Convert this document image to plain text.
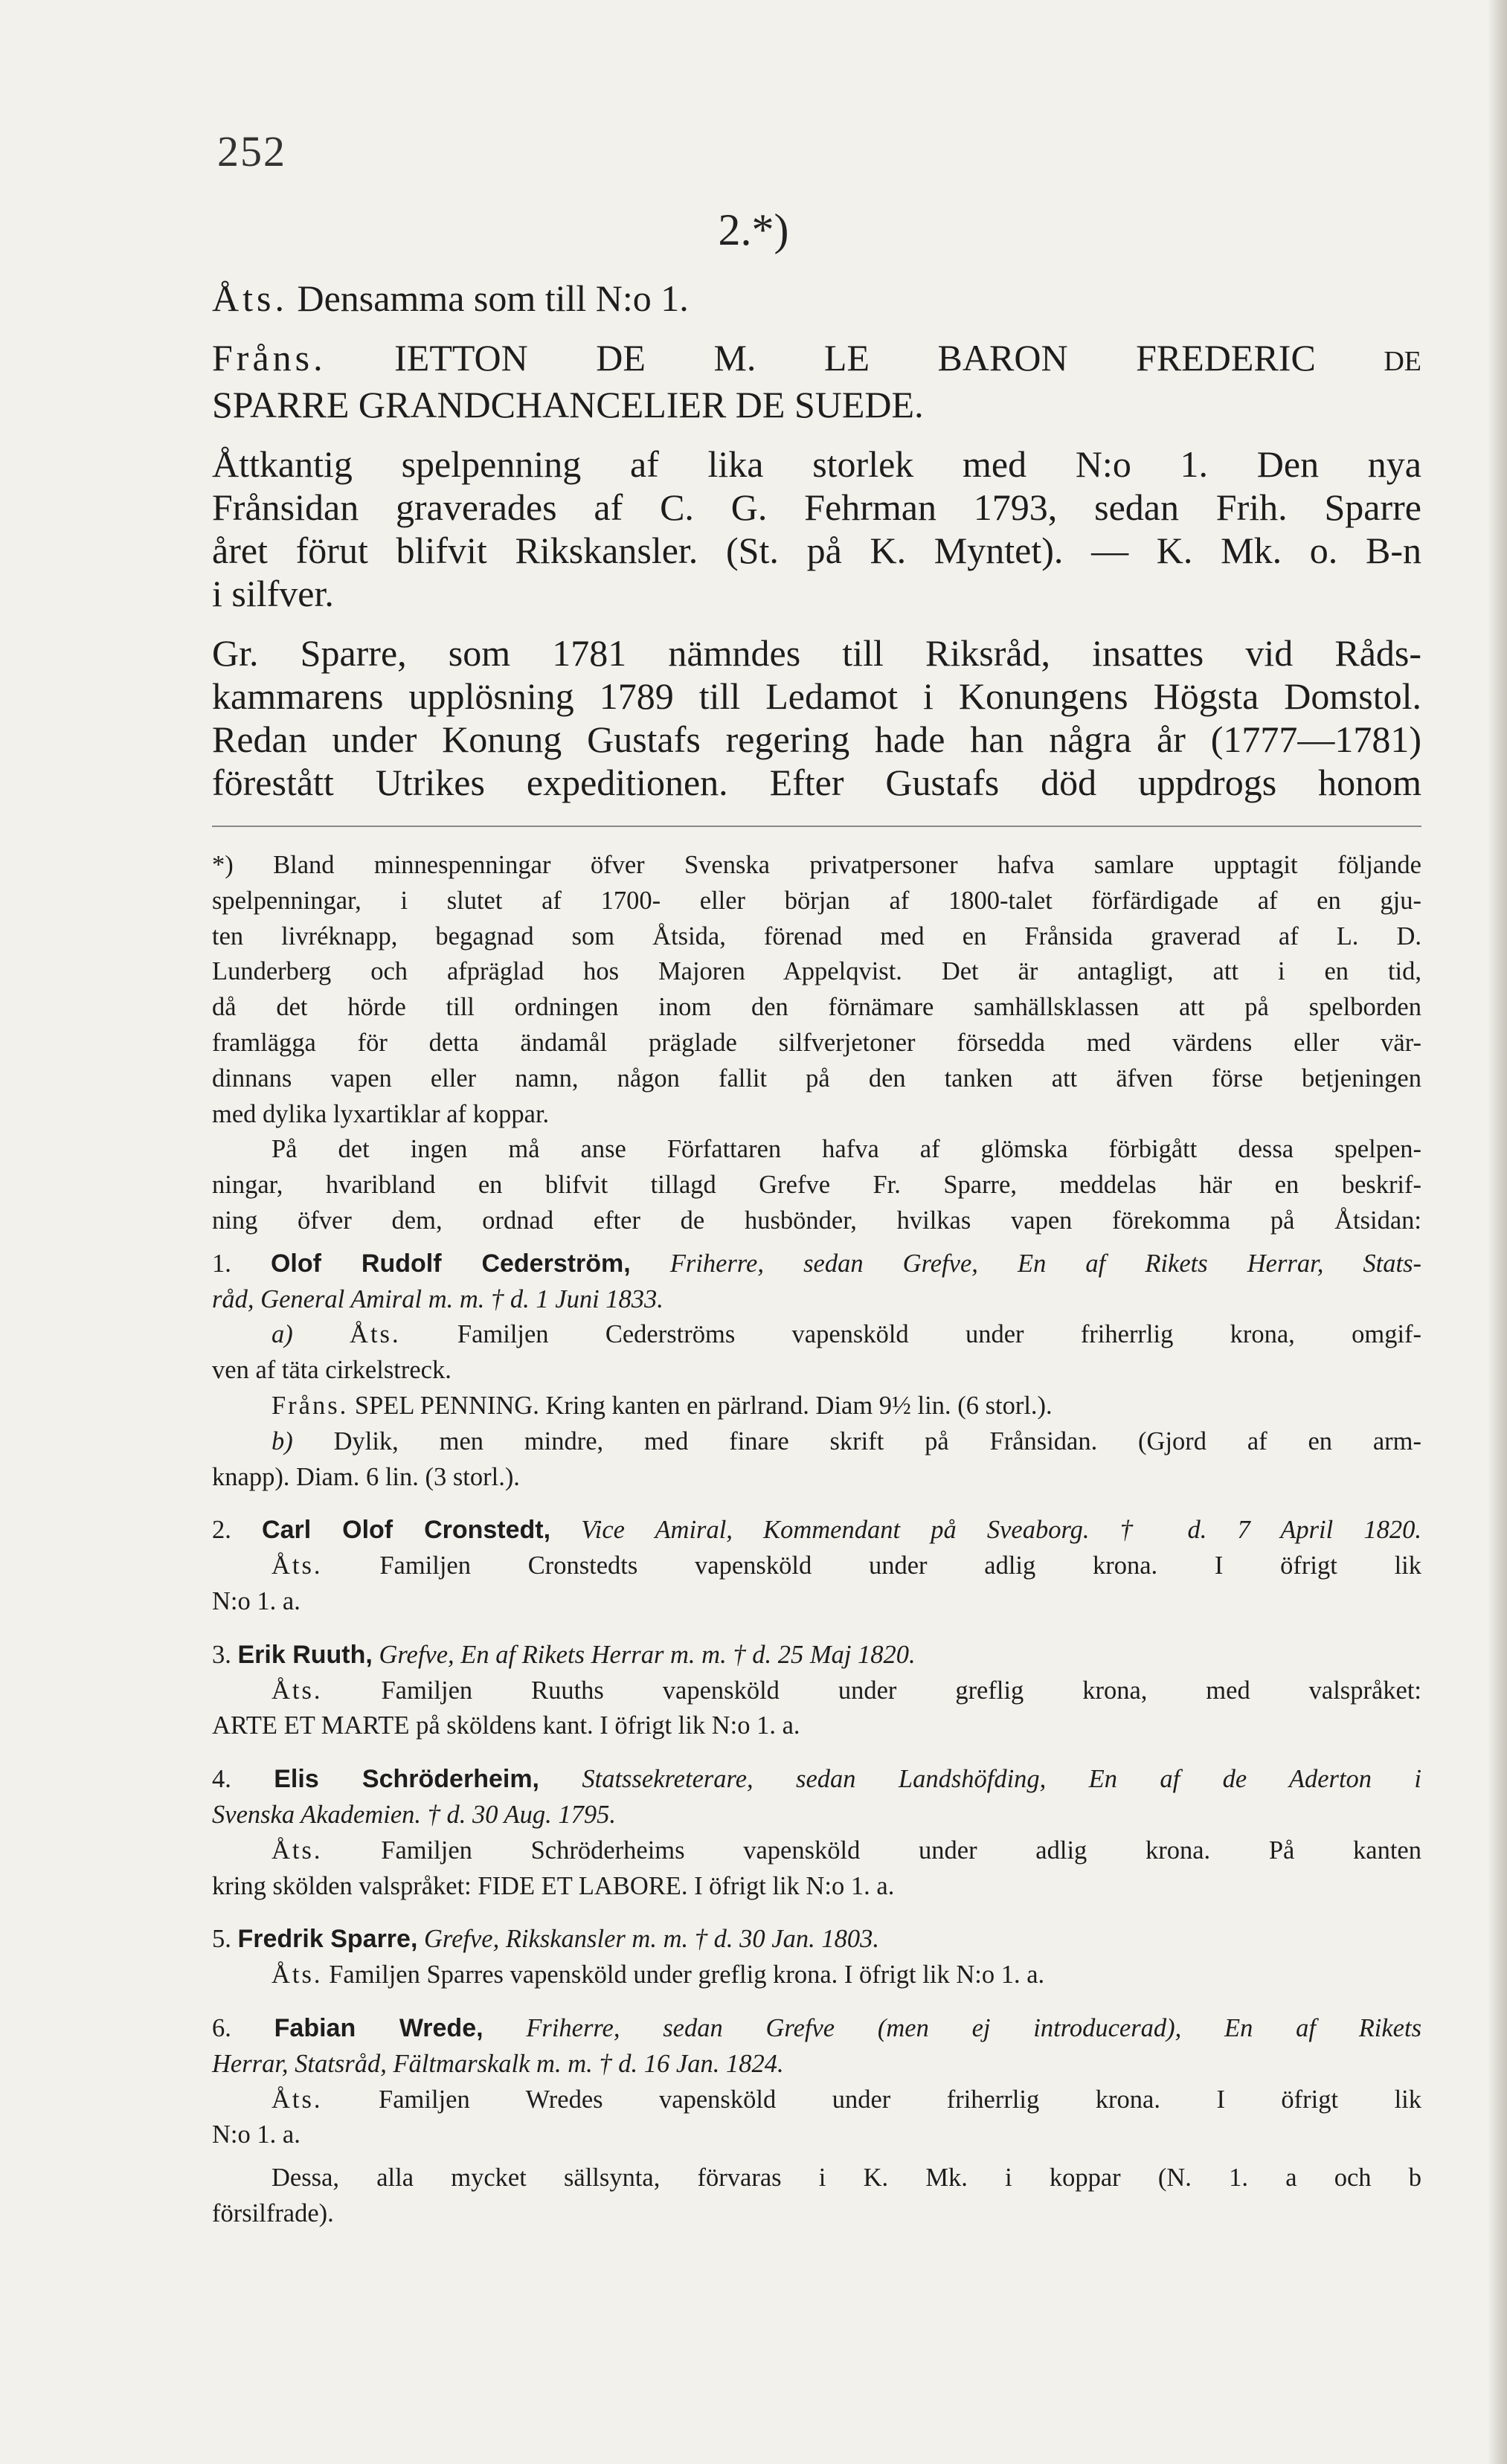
252
2.*)
Åts. Densamma som till N:o 1.
Fråns. IETTON DE M. LE BARON FREDERIC DE
SPARRE GRANDCHANCELIER DE SUEDE.
Åttkantig spelpenning af lika storlek med N:o 1. Den nya
Frånsidan graverades af C. G. Fehrman 1793, sedan Frih. Sparre
året förut blifvit Rikskansler. (St. på K. Myntet). — K. Mk. o. B-n
i silfver.
Gr. Sparre, som 1781 nämndes till Riksråd, insattes vid Råds-
kammarens upplösning 1789 till Ledamot i Konungens Högsta Domstol.
Redan under Konung Gustafs regering hade han några år (1777—1781)
förestått Utrikes expeditionen. Efter Gustafs död uppdrogs honom
*) Bland minnespenningar öfver Svenska privatpersoner hafva samlare upptagit följande
spelpenningar, i slutet af 1700- eller början af 1800-talet förfärdigade af en gju-
ten livréknapp, begagnad som Åtsida, förenad med en Frånsida graverad af L. D.
Lunderberg och afpräglad hos Majoren Appelqvist. Det är antagligt, att i en tid,
då det hörde till ordningen inom den förnämare samhällsklassen att på spelborden
framlägga för detta ändamål präglade silfverjetoner försedda med värdens eller vär-
dinnans vapen eller namn, någon fallit på den tanken att äfven förse betjeningen
med dylika lyxartiklar af koppar.
På det ingen må anse Författaren hafva af glömska förbigått dessa spelpen-
ningar, hvaribland en blifvit tillagd Grefve Fr. Sparre, meddelas här en beskrif-
ning öfver dem, ordnad efter de husbönder, hvilkas vapen förekomma på Åtsidan:
1. Olof Rudolf Cederström, Friherre, sedan Grefve, En af Rikets Herrar, Stats-
råd, General Amiral m. m. † d. 1 Juni 1833.
a) Åts. Familjen Cederströms vapensköld under friherrlig krona, omgif-
ven af täta cirkelstreck.
Fråns. SPEL PENNING. Kring kanten en pärlrand. Diam 9½ lin. (6 storl.).
b) Dylik, men mindre, med finare skrift på Frånsidan. (Gjord af en arm-
knapp). Diam. 6 lin. (3 storl.).
2. Carl Olof Cronstedt, Vice Amiral, Kommendant på Sveaborg. † d. 7 April 1820.
Åts. Familjen Cronstedts vapensköld under adlig krona. I öfrigt lik
N:o 1. a.
3. Erik Ruuth, Grefve, En af Rikets Herrar m. m. † d. 25 Maj 1820.
Åts. Familjen Ruuths vapensköld under greflig krona, med valspråket:
ARTE ET MARTE på sköldens kant. I öfrigt lik N:o 1. a.
4. Elis Schröderheim, Statssekreterare, sedan Landshöfding, En af de Aderton i
Svenska Akademien. † d. 30 Aug. 1795.
Åts. Familjen Schröderheims vapensköld under adlig krona. På kanten
kring skölden valspråket: FIDE ET LABORE. I öfrigt lik N:o 1. a.
5. Fredrik Sparre, Grefve, Rikskansler m. m. † d. 30 Jan. 1803.
Åts. Familjen Sparres vapensköld under greflig krona. I öfrigt lik N:o 1. a.
6. Fabian Wrede, Friherre, sedan Grefve (men ej introducerad), En af Rikets
Herrar, Statsråd, Fältmarskalk m. m. † d. 16 Jan. 1824.
Åts. Familjen Wredes vapensköld under friherrlig krona. I öfrigt lik
N:o 1. a.
Dessa, alla mycket sällsynta, förvaras i K. Mk. i koppar (N. 1. a och b
försilfrade).
